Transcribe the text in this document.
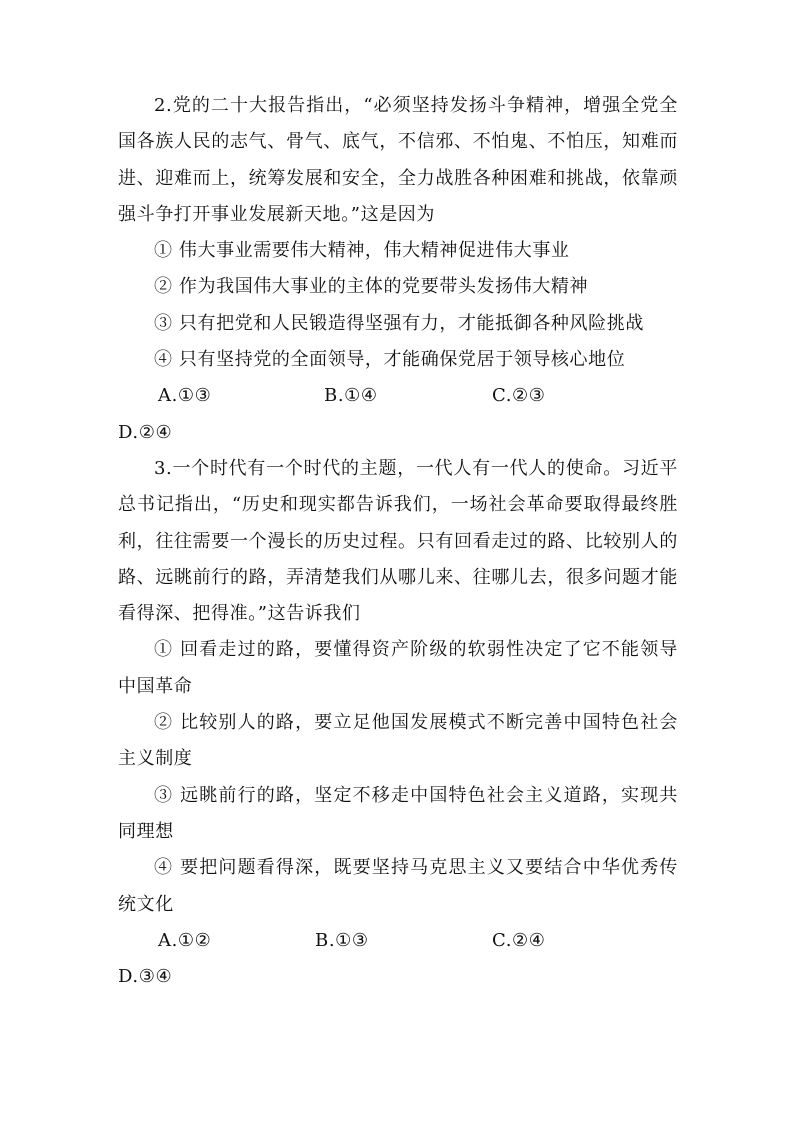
2.党的二十大报告指出，“必须坚持发扬斗争精神，增强全党全国各族人民的志气、骨气、底气，不信邪、不怕鬼、不怕压，知难而进、迎难而上，统筹发展和安全，全力战胜各种困难和挑战，依靠顽强斗争打开事业发展新天地。”这是因为

① 伟大事业需要伟大精神，伟大精神促进伟大事业

② 作为我国伟大事业的主体的党要带头发扬伟大精神

③ 只有把党和人民锻造得坚强有力，才能抵御各种风险挑战

④ 只有坚持党的全面领导，才能确保党居于领导核心地位

A.①③	B.①④	C.②③

D.②④

3.一个时代有一个时代的主题，一代人有一代人的使命。习近平总书记指出，“历史和现实都告诉我们，一场社会革命要取得最终胜利，往往需要一个漫长的历史过程。只有回看走过的路、比较别人的路、远眺前行的路，弄清楚我们从哪儿来、往哪儿去，很多问题才能看得深、把得准。”这告诉我们

① 回看走过的路，要懂得资产阶级的软弱性决定了它不能领导中国革命

② 比较别人的路，要立足他国发展模式不断完善中国特色社会主义制度

③ 远眺前行的路，坚定不移走中国特色社会主义道路，实现共同理想

④ 要把问题看得深，既要坚持马克思主义又要结合中华优秀传统文化

A.①②	B.①③	C.②④

D.③④
